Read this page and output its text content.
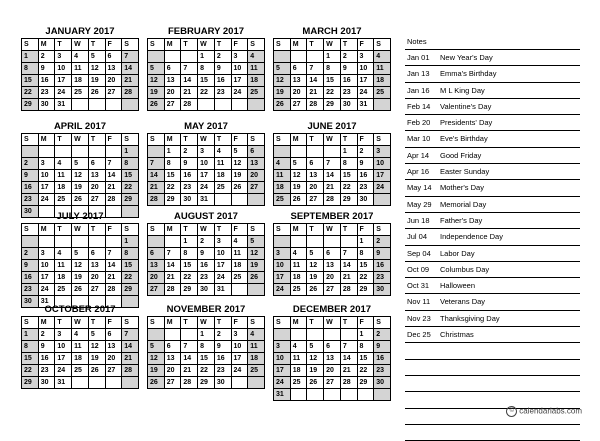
JANUARY 2017
S	M	T	W	T	F	S
1	2	3	4	5	6	7
8	9	10	11	12	13	14
15	16	17	18	19	20	21
22	23	24	25	26	27	28
29	30	31				
FEBRUARY 2017
S	M	T	W	T	F	S
			1	2	3	4
5	6	7	8	9	10	11
12	13	14	15	16	17	18
19	20	21	22	23	24	25
26	27	28				
MARCH 2017
S	M	T	W	T	F	S
			1	2	3	4
5	6	7	8	9	10	11
12	13	14	15	16	17	18
19	20	21	22	23	24	25
26	27	28	29	30	31	
APRIL 2017
S	M	T	W	T	F	S
						1
2	3	4	5	6	7	8
9	10	11	12	13	14	15
16	17	18	19	20	21	22
23	24	25	26	27	28	29
30						
MAY 2017
S	M	T	W	T	F	S
	1	2	3	4	5	6
7	8	9	10	11	12	13
14	15	16	17	18	19	20
21	22	23	24	25	26	27
28	29	30	31			
JUNE 2017
S	M	T	W	T	F	S
				1	2	3
4	5	6	7	8	9	10
11	12	13	14	15	16	17
18	19	20	21	22	23	24
25	26	27	28	29	30	
JULY 2017
S	M	T	W	T	F	S
						1
2	3	4	5	6	7	8
9	10	11	12	13	14	15
16	17	18	19	20	21	22
23	24	25	26	27	28	29
30	31					
AUGUST 2017
S	M	T	W	T	F	S
		1	2	3	4	5
6	7	8	9	10	11	12
13	14	15	16	17	18	19
20	21	22	23	24	25	26
27	28	29	30	31		
SEPTEMBER 2017
S	M	T	W	T	F	S
					1	2
3	4	5	6	7	8	9
10	11	12	13	14	15	16
17	18	19	20	21	22	23
24	25	26	27	28	29	30
OCTOBER 2017
S	M	T	W	T	F	S
1	2	3	4	5	6	7
8	9	10	11	12	13	14
15	16	17	18	19	20	21
22	23	24	25	26	27	28
29	30	31				
NOVEMBER 2017
S	M	T	W	T	F	S
			1	2	3	4
5	6	7	8	9	10	11
12	13	14	15	16	17	18
19	20	21	22	23	24	25
26	27	28	29	30		
DECEMBER 2017
S	M	T	W	T	F	S
					1	2
3	4	5	6	7	8	9
10	11	12	13	14	15	16
17	18	19	20	21	22	23
24	25	26	27	28	29	30
31						
Notes
Jan 01 New Year's Day
Jan 13 Emma's Birthday
Jan 16 M L King Day
Feb 14 Valentine's Day
Feb 20 Presidents' Day
Mar 10 Eve's Birthday
Apr 14 Good Friday
Apr 16 Easter Sunday
May 14 Mother's Day
May 29 Memorial Day
Jun 18 Father's Day
Jul 04 Independence Day
Sep 04 Labor Day
Oct 09 Columbus Day
Oct 31 Halloween
Nov 11 Veterans Day
Nov 23 Thanksgiving Day
Dec 25 Christmas
© calendarlabs.com
